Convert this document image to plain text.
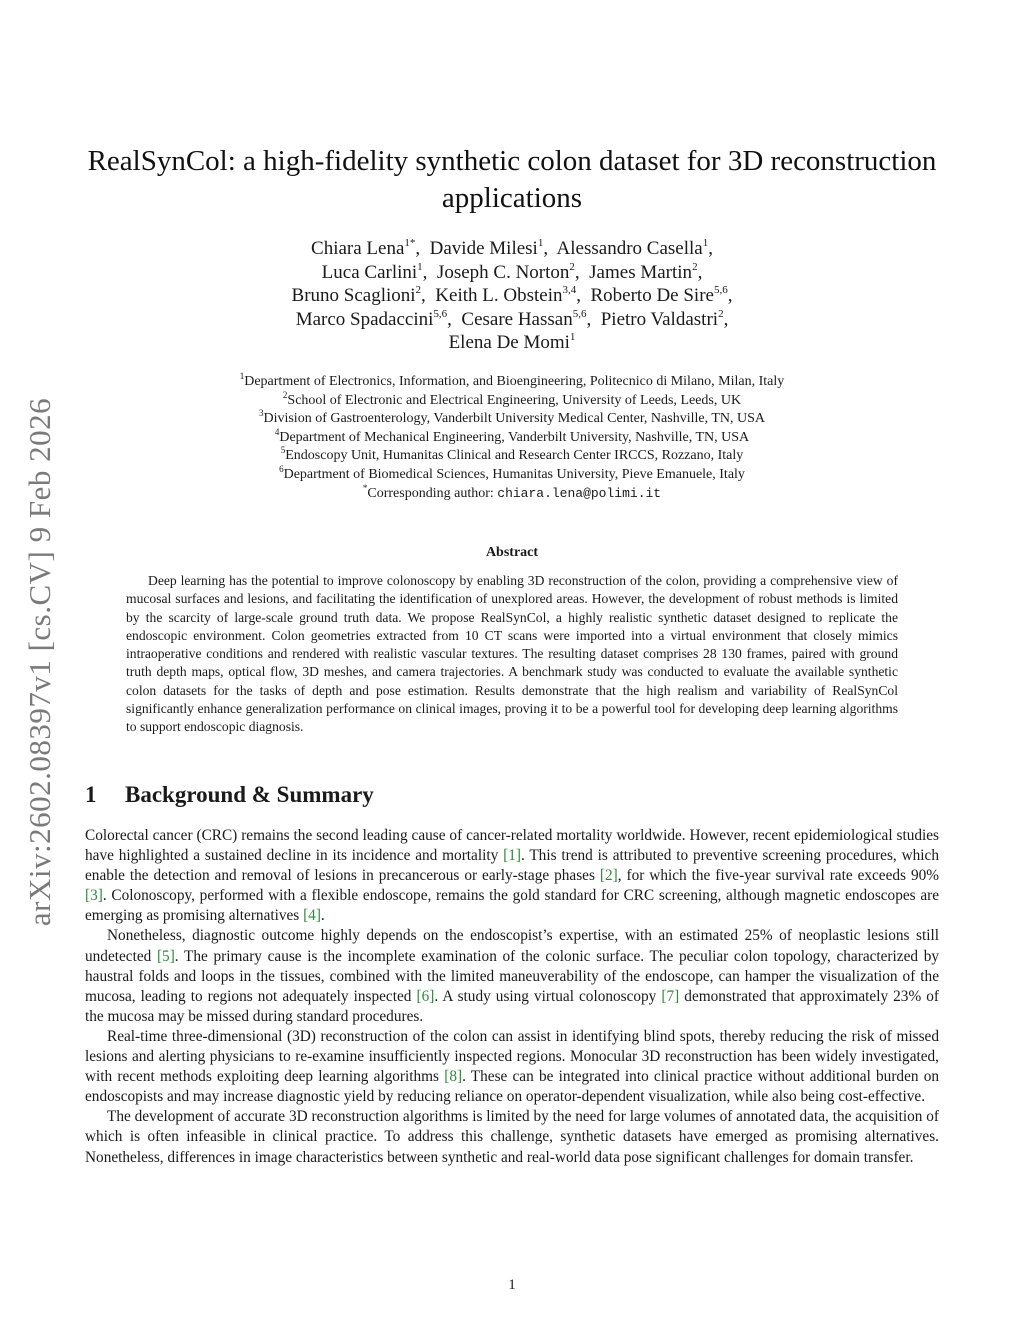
arXiv:2602.08397v1 [cs.CV] 9 Feb 2026
RealSynCol: a high-fidelity synthetic colon dataset for 3D reconstruction applications
Chiara Lena$^{1*}$,  Davide Milesi$^1$,  Alessandro Casella$^1$,
Luca Carlini$^1$,  Joseph C. Norton$^2$,  James Martin$^2$,
Bruno Scaglioni$^2$,  Keith L. Obstein$^{3,4}$,  Roberto De Sire$^{5,6}$,
Marco Spadaccini$^{5,6}$,  Cesare Hassan$^{5,6}$,  Pietro Valdastri$^2$,
Elena De Momi$^1$
$^1$Department of Electronics, Information, and Bioengineering, Politecnico di Milano, Milan, Italy
$^2$School of Electronic and Electrical Engineering, University of Leeds, Leeds, UK
$^3$Division of Gastroenterology, Vanderbilt University Medical Center, Nashville, TN, USA
$^4$Department of Mechanical Engineering, Vanderbilt University, Nashville, TN, USA
$^5$Endoscopy Unit, Humanitas Clinical and Research Center IRCCS, Rozzano, Italy
$^6$Department of Biomedical Sciences, Humanitas University, Pieve Emanuele, Italy
*Corresponding author: chiara.lena@polimi.it
Abstract
Deep learning has the potential to improve colonoscopy by enabling 3D reconstruction of the colon, providing a comprehensive view of mucosal surfaces and lesions, and facilitating the identification of unexplored areas. However, the development of robust methods is limited by the scarcity of large-scale ground truth data. We propose RealSynCol, a highly realistic synthetic dataset designed to replicate the endoscopic environment. Colon geometries extracted from 10 CT scans were imported into a virtual environment that closely mimics intraoperative conditions and rendered with realistic vascular textures. The resulting dataset comprises 28 130 frames, paired with ground truth depth maps, optical flow, 3D meshes, and camera trajectories. A benchmark study was conducted to evaluate the available synthetic colon datasets for the tasks of depth and pose estimation. Results demonstrate that the high realism and variability of RealSynCol significantly enhance generalization performance on clinical images, proving it to be a powerful tool for developing deep learning algorithms to support endoscopic diagnosis.
1 Background & Summary

Colorectal cancer (CRC) remains the second leading cause of cancer-related mortality worldwide. However, recent epidemiological studies have highlighted a sustained decline in its incidence and mortality [1]. This trend is attributed to preventive screening procedures, which enable the detection and removal of lesions in precancerous or early-stage phases [2], for which the five-year survival rate exceeds 90% [3]. Colonoscopy, performed with a flexible endoscope, remains the gold standard for CRC screening, although magnetic endoscopes are emerging as promising alternatives [4].

Nonetheless, diagnostic outcome highly depends on the endoscopist’s expertise, with an estimated 25% of neoplastic lesions still undetected [5]. The primary cause is the incomplete examination of the colonic surface. The peculiar colon topology, characterized by haustral folds and loops in the tissues, combined with the limited maneuverability of the endoscope, can hamper the visualization of the mucosa, leading to regions not adequately inspected [6]. A study using virtual colonoscopy [7] demonstrated that approximately 23% of the mucosa may be missed during standard procedures.

Real-time three-dimensional (3D) reconstruction of the colon can assist in identifying blind spots, thereby reducing the risk of missed lesions and alerting physicians to re-examine insufficiently inspected regions. Monocular 3D reconstruction has been widely investigated, with recent methods exploiting deep learning algorithms [8]. These can be integrated into clinical practice without additional burden on endoscopists and may increase diagnostic yield by reducing reliance on operator-dependent visualization, while also being cost-effective.

The development of accurate 3D reconstruction algorithms is limited by the need for large volumes of annotated data, the acquisition of which is often infeasible in clinical practice. To address this challenge, synthetic datasets have emerged as promising alternatives. Nonetheless, differences in image characteristics between synthetic and real-world data pose significant challenges for domain transfer.

1
